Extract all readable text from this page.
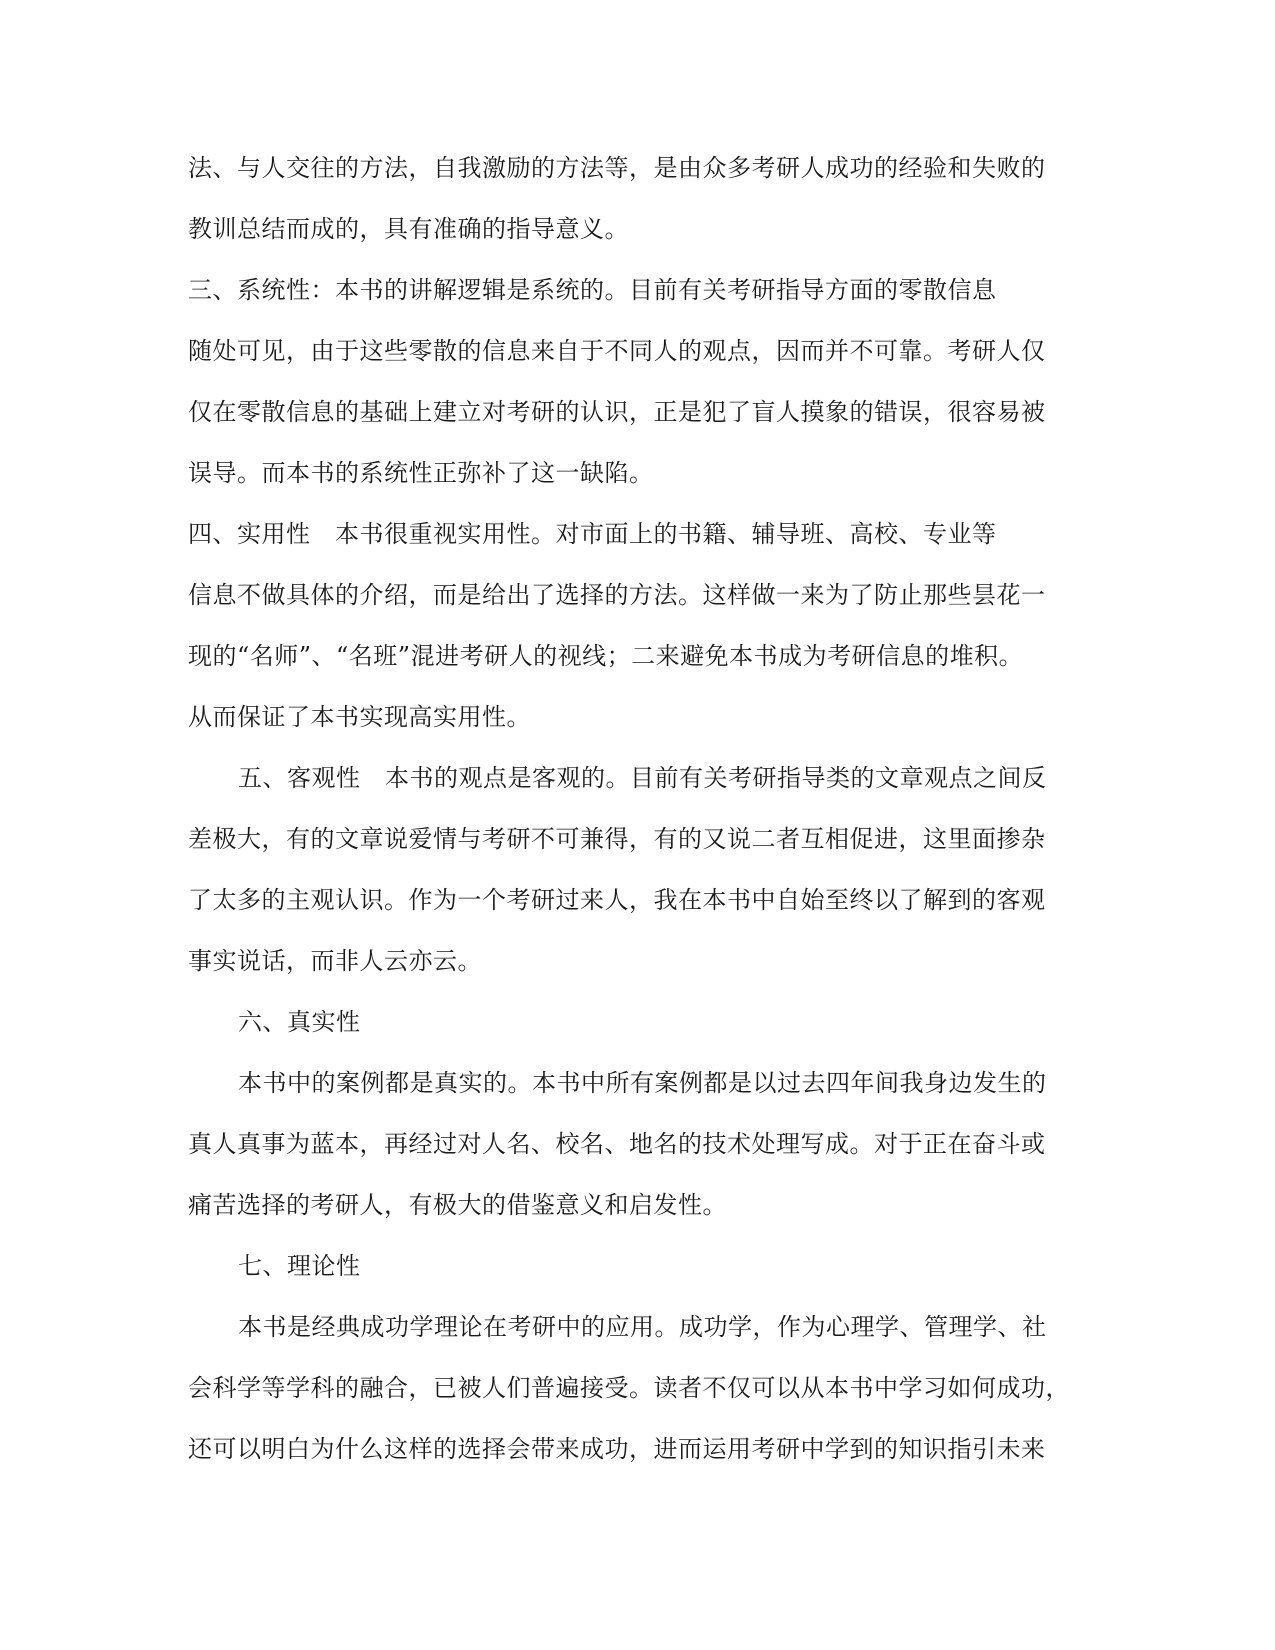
法、与人交往的方法，自我激励的方法等，是由众多考研人成功的经验和失败的
教训总结而成的，具有准确的指导意义。
三、系统性：本书的讲解逻辑是系统的。目前有关考研指导方面的零散信息
随处可见，由于这些零散的信息来自于不同人的观点，因而并不可靠。考研人仅
仅在零散信息的基础上建立对考研的认识，正是犯了盲人摸象的错误，很容易被
误导。而本书的系统性正弥补了这一缺陷。
四、实用性　本书很重视实用性。对市面上的书籍、辅导班、高校、专业等
信息不做具体的介绍，而是给出了选择的方法。这样做一来为了防止那些昙花一
现的“名师”、“名班”混进考研人的视线；二来避免本书成为考研信息的堆积。
从而保证了本书实现高实用性。
五、客观性　本书的观点是客观的。目前有关考研指导类的文章观点之间反
差极大，有的文章说爱情与考研不可兼得，有的又说二者互相促进，这里面掺杂
了太多的主观认识。作为一个考研过来人，我在本书中自始至终以了解到的客观
事实说话，而非人云亦云。
六、真实性
本书中的案例都是真实的。本书中所有案例都是以过去四年间我身边发生的
真人真事为蓝本，再经过对人名、校名、地名的技术处理写成。对于正在奋斗或
痛苦选择的考研人，有极大的借鉴意义和启发性。
七、理论性
本书是经典成功学理论在考研中的应用。成功学，作为心理学、管理学、社
会科学等学科的融合，已被人们普遍接受。读者不仅可以从本书中学习如何成功，
还可以明白为什么这样的选择会带来成功，进而运用考研中学到的知识指引未来
